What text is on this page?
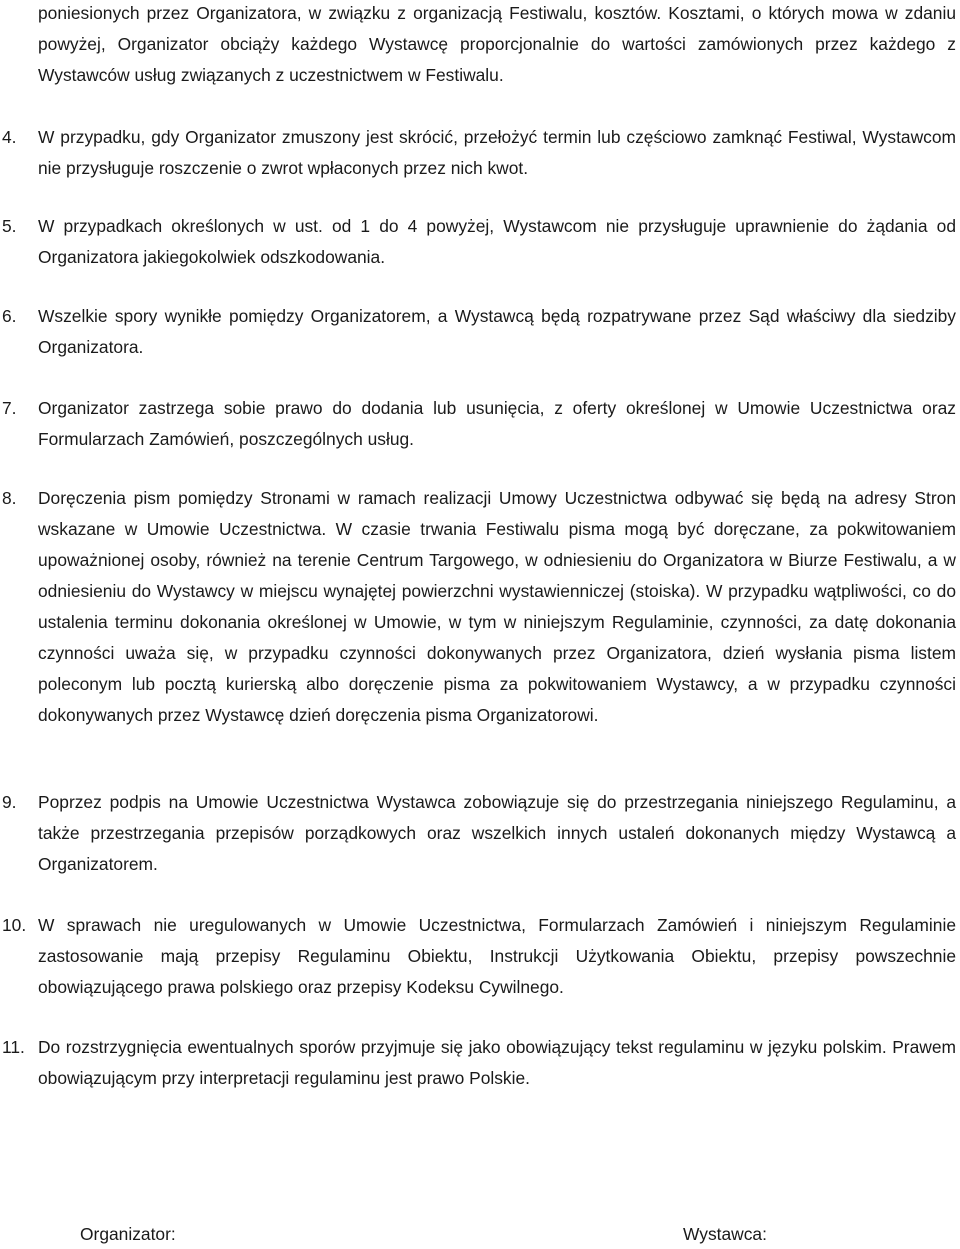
poniesionych przez Organizatora, w związku z organizacją Festiwalu, kosztów. Kosztami, o których mowa w zdaniu powyżej, Organizator obciąży każdego Wystawcę proporcjonalnie do wartości zamówionych przez każdego z Wystawców usług związanych z uczestnictwem w Festiwalu.

4.	W przypadku, gdy Organizator zmuszony jest skrócić, przełożyć termin lub częściowo zamknąć Festiwal, Wystawcom nie przysługuje roszczenie o zwrot wpłaconych przez nich kwot.

5.	W przypadkach określonych w ust. od 1 do 4 powyżej, Wystawcom nie przysługuje uprawnienie do żądania od Organizatora jakiegokolwiek odszkodowania.

6.	Wszelkie spory wynikłe pomiędzy Organizatorem, a Wystawcą będą rozpatrywane przez Sąd właściwy dla siedziby Organizatora.

7.	Organizator zastrzega sobie prawo do dodania lub usunięcia, z oferty określonej w Umowie Uczestnictwa oraz Formularzach Zamówień, poszczególnych usług.

8.	Doręczenia pism pomiędzy Stronami w ramach realizacji Umowy Uczestnictwa odbywać się będą na adresy Stron wskazane w Umowie Uczestnictwa. W czasie trwania Festiwalu pisma mogą być doręczane, za pokwitowaniem upoważnionej osoby, również na terenie Centrum Targowego, w odniesieniu do Organizatora w Biurze Festiwalu, a w odniesieniu do Wystawcy w miejscu wynajętej powierzchni wystawienniczej (stoiska). W przypadku wątpliwości, co do ustalenia terminu dokonania określonej w Umowie, w tym w niniejszym Regulaminie, czynności, za datę dokonania czynności uważa się, w przypadku czynności dokonywanych przez Organizatora, dzień wysłania pisma listem poleconym lub pocztą kurierską albo doręczenie pisma za pokwitowaniem Wystawcy, a w przypadku czynności dokonywanych przez Wystawcę dzień doręczenia pisma Organizatorowi.

9.	Poprzez podpis na Umowie Uczestnictwa Wystawca zobowiązuje się do przestrzegania niniejszego Regulaminu, a także przestrzegania przepisów porządkowych oraz wszelkich innych ustaleń dokonanych między Wystawcą a Organizatorem.

10. W sprawach nie uregulowanych w Umowie Uczestnictwa, Formularzach Zamówień i niniejszym Regulaminie zastosowanie mają przepisy Regulaminu Obiektu, Instrukcji Użytkowania Obiektu, przepisy powszechnie obowiązującego prawa polskiego oraz przepisy Kodeksu Cywilnego.

11. Do rozstrzygnięcia ewentualnych sporów przyjmuje się jako obowiązujący tekst regulaminu w języku polskim. Prawem obowiązującym przy interpretacji regulaminu jest prawo Polskie.

Organizator:	Wystawca:
